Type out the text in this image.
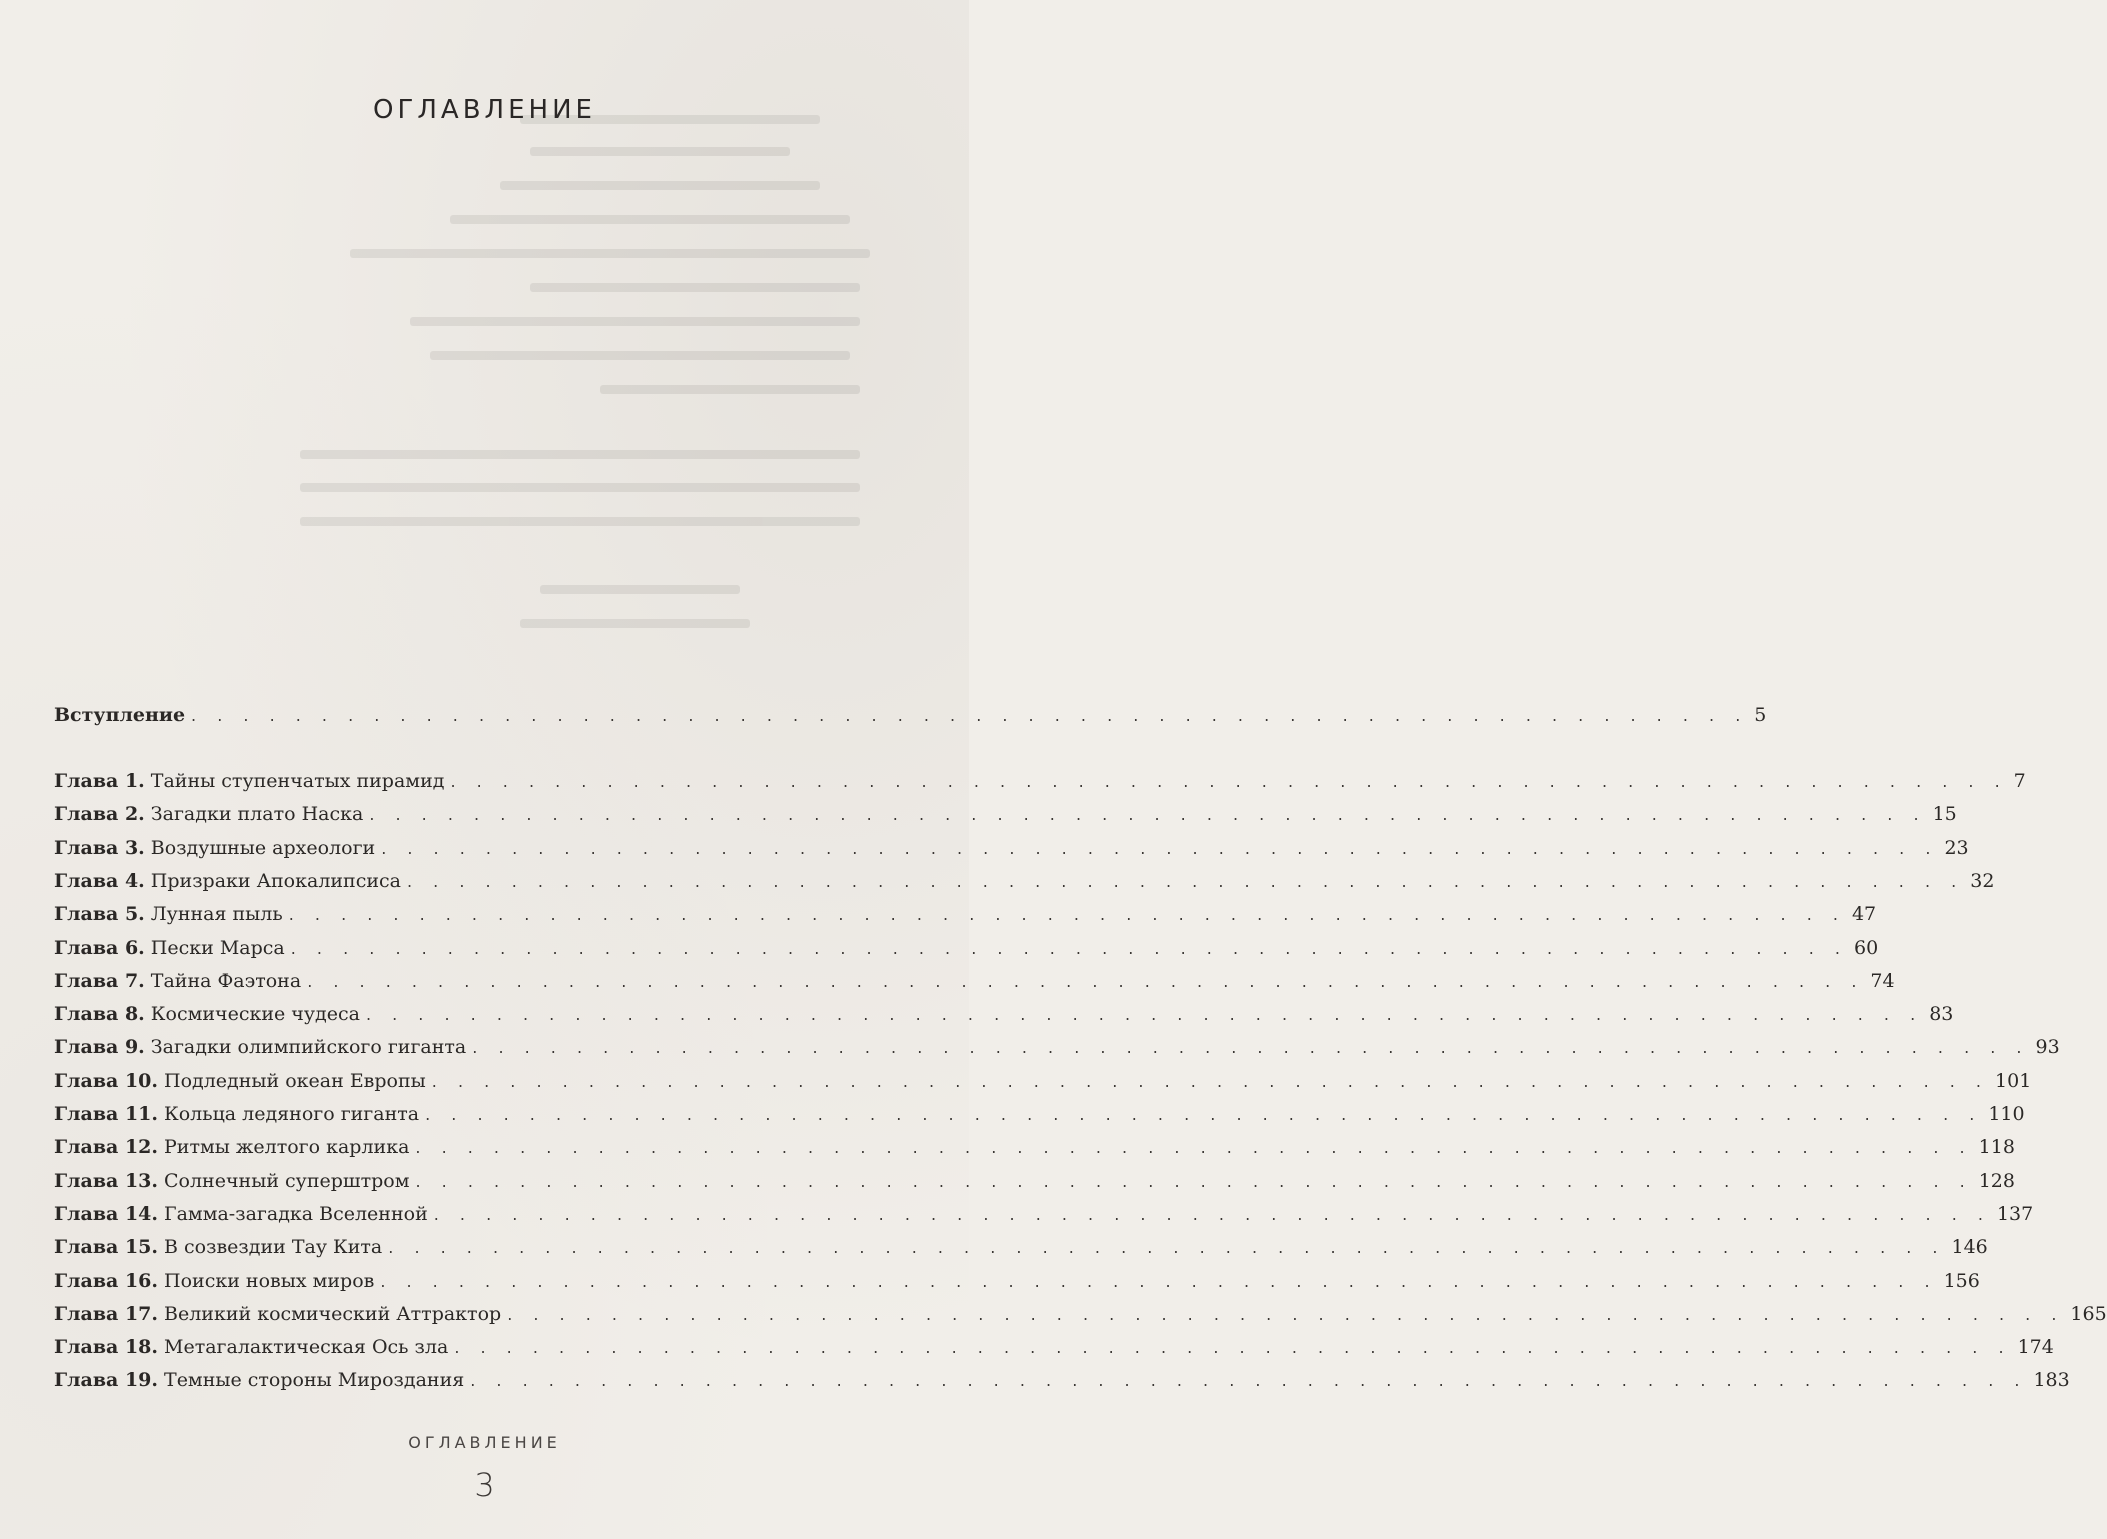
ОГЛАВЛЕНИЕ
Вступление . . . . . . . . . . . . . . . . . . . . . . . . . . . . . . . . . . . . . . . . . . . . . . . . . . . . . . . . . . . . 5
Глава 1. Тайны ступенчатых пирамид . . . . . . . . . . . . . . . . . . . . . . . . . . . . . . . . . . . . . . . . . . . . . . . . . . . . . . . . . . . . 7
Глава 2. Загадки плато Наска . . . . . . . . . . . . . . . . . . . . . . . . . . . . . . . . . . . . . . . . . . . . . . . . . . . . . . . . . . . . 15
Глава 3. Воздушные археологи . . . . . . . . . . . . . . . . . . . . . . . . . . . . . . . . . . . . . . . . . . . . . . . . . . . . . . . . . . . . 23
Глава 4. Призраки Апокалипсиса . . . . . . . . . . . . . . . . . . . . . . . . . . . . . . . . . . . . . . . . . . . . . . . . . . . . . . . . . . . . 32
Глава 5. Лунная пыль . . . . . . . . . . . . . . . . . . . . . . . . . . . . . . . . . . . . . . . . . . . . . . . . . . . . . . . . . . . . 47
Глава 6. Пески Марса . . . . . . . . . . . . . . . . . . . . . . . . . . . . . . . . . . . . . . . . . . . . . . . . . . . . . . . . . . . . 60
Глава 7. Тайна Фаэтона . . . . . . . . . . . . . . . . . . . . . . . . . . . . . . . . . . . . . . . . . . . . . . . . . . . . . . . . . . . . 74
Глава 8. Космические чудеса . . . . . . . . . . . . . . . . . . . . . . . . . . . . . . . . . . . . . . . . . . . . . . . . . . . . . . . . . . . . 83
Глава 9. Загадки олимпийского гиганта . . . . . . . . . . . . . . . . . . . . . . . . . . . . . . . . . . . . . . . . . . . . . . . . . . . . . . . . . . . . 93
Глава 10. Подледный океан Европы . . . . . . . . . . . . . . . . . . . . . . . . . . . . . . . . . . . . . . . . . . . . . . . . . . . . . . . . . . . . 101
Глава 11. Кольца ледяного гиганта . . . . . . . . . . . . . . . . . . . . . . . . . . . . . . . . . . . . . . . . . . . . . . . . . . . . . . . . . . . . 110
Глава 12. Ритмы желтого карлика . . . . . . . . . . . . . . . . . . . . . . . . . . . . . . . . . . . . . . . . . . . . . . . . . . . . . . . . . . . . 118
Глава 13. Солнечный суперштром . . . . . . . . . . . . . . . . . . . . . . . . . . . . . . . . . . . . . . . . . . . . . . . . . . . . . . . . . . . . 128
Глава 14. Гамма-загадка Вселенной . . . . . . . . . . . . . . . . . . . . . . . . . . . . . . . . . . . . . . . . . . . . . . . . . . . . . . . . . . . . 137
Глава 15. В созвездии Тау Кита . . . . . . . . . . . . . . . . . . . . . . . . . . . . . . . . . . . . . . . . . . . . . . . . . . . . . . . . . . . . 146
Глава 16. Поиски новых миров . . . . . . . . . . . . . . . . . . . . . . . . . . . . . . . . . . . . . . . . . . . . . . . . . . . . . . . . . . . . 156
Глава 17. Великий космический Аттрактор . . . . . . . . . . . . . . . . . . . . . . . . . . . . . . . . . . . . . . . . . . . . . . . . . . . . . . . . . . . . 165
Глава 18. Метагалактическая Ось зла . . . . . . . . . . . . . . . . . . . . . . . . . . . . . . . . . . . . . . . . . . . . . . . . . . . . . . . . . . . . 174
Глава 19. Темные стороны Мироздания . . . . . . . . . . . . . . . . . . . . . . . . . . . . . . . . . . . . . . . . . . . . . . . . . . . . . . . . . . . . 183
ОГЛАВЛЕНИЕ
3
